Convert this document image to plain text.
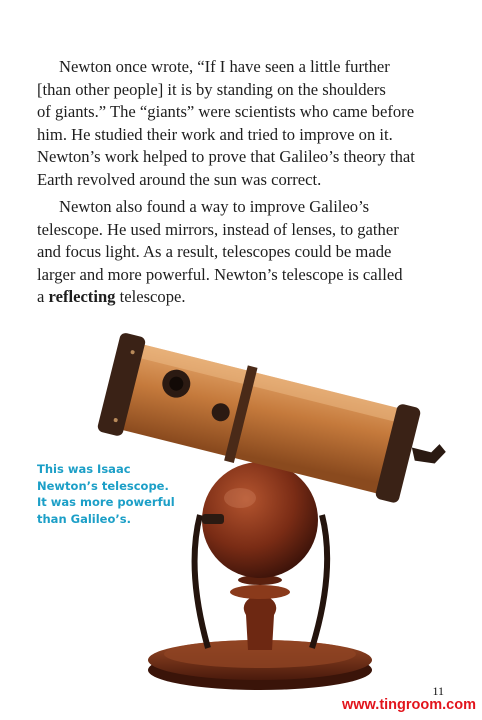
Newton once wrote, “If I have seen a little further
[than other people] it is by standing on the shoulders
of giants.” The “giants” were scientists who came before
him. He studied their work and tried to improve on it.
Newton’s work helped to prove that Galileo’s theory that
Earth revolved around the sun was correct.

Newton also found a way to improve Galileo’s
telescope. He used mirrors, instead of lenses, to gather
and focus light. As a result, telescopes could be made
larger and more powerful. Newton’s telescope is called
a reflecting telescope.

This was Isaac
Newton’s telescope.
It was more powerful
than Galileo’s.

11
www.tingroom.com
